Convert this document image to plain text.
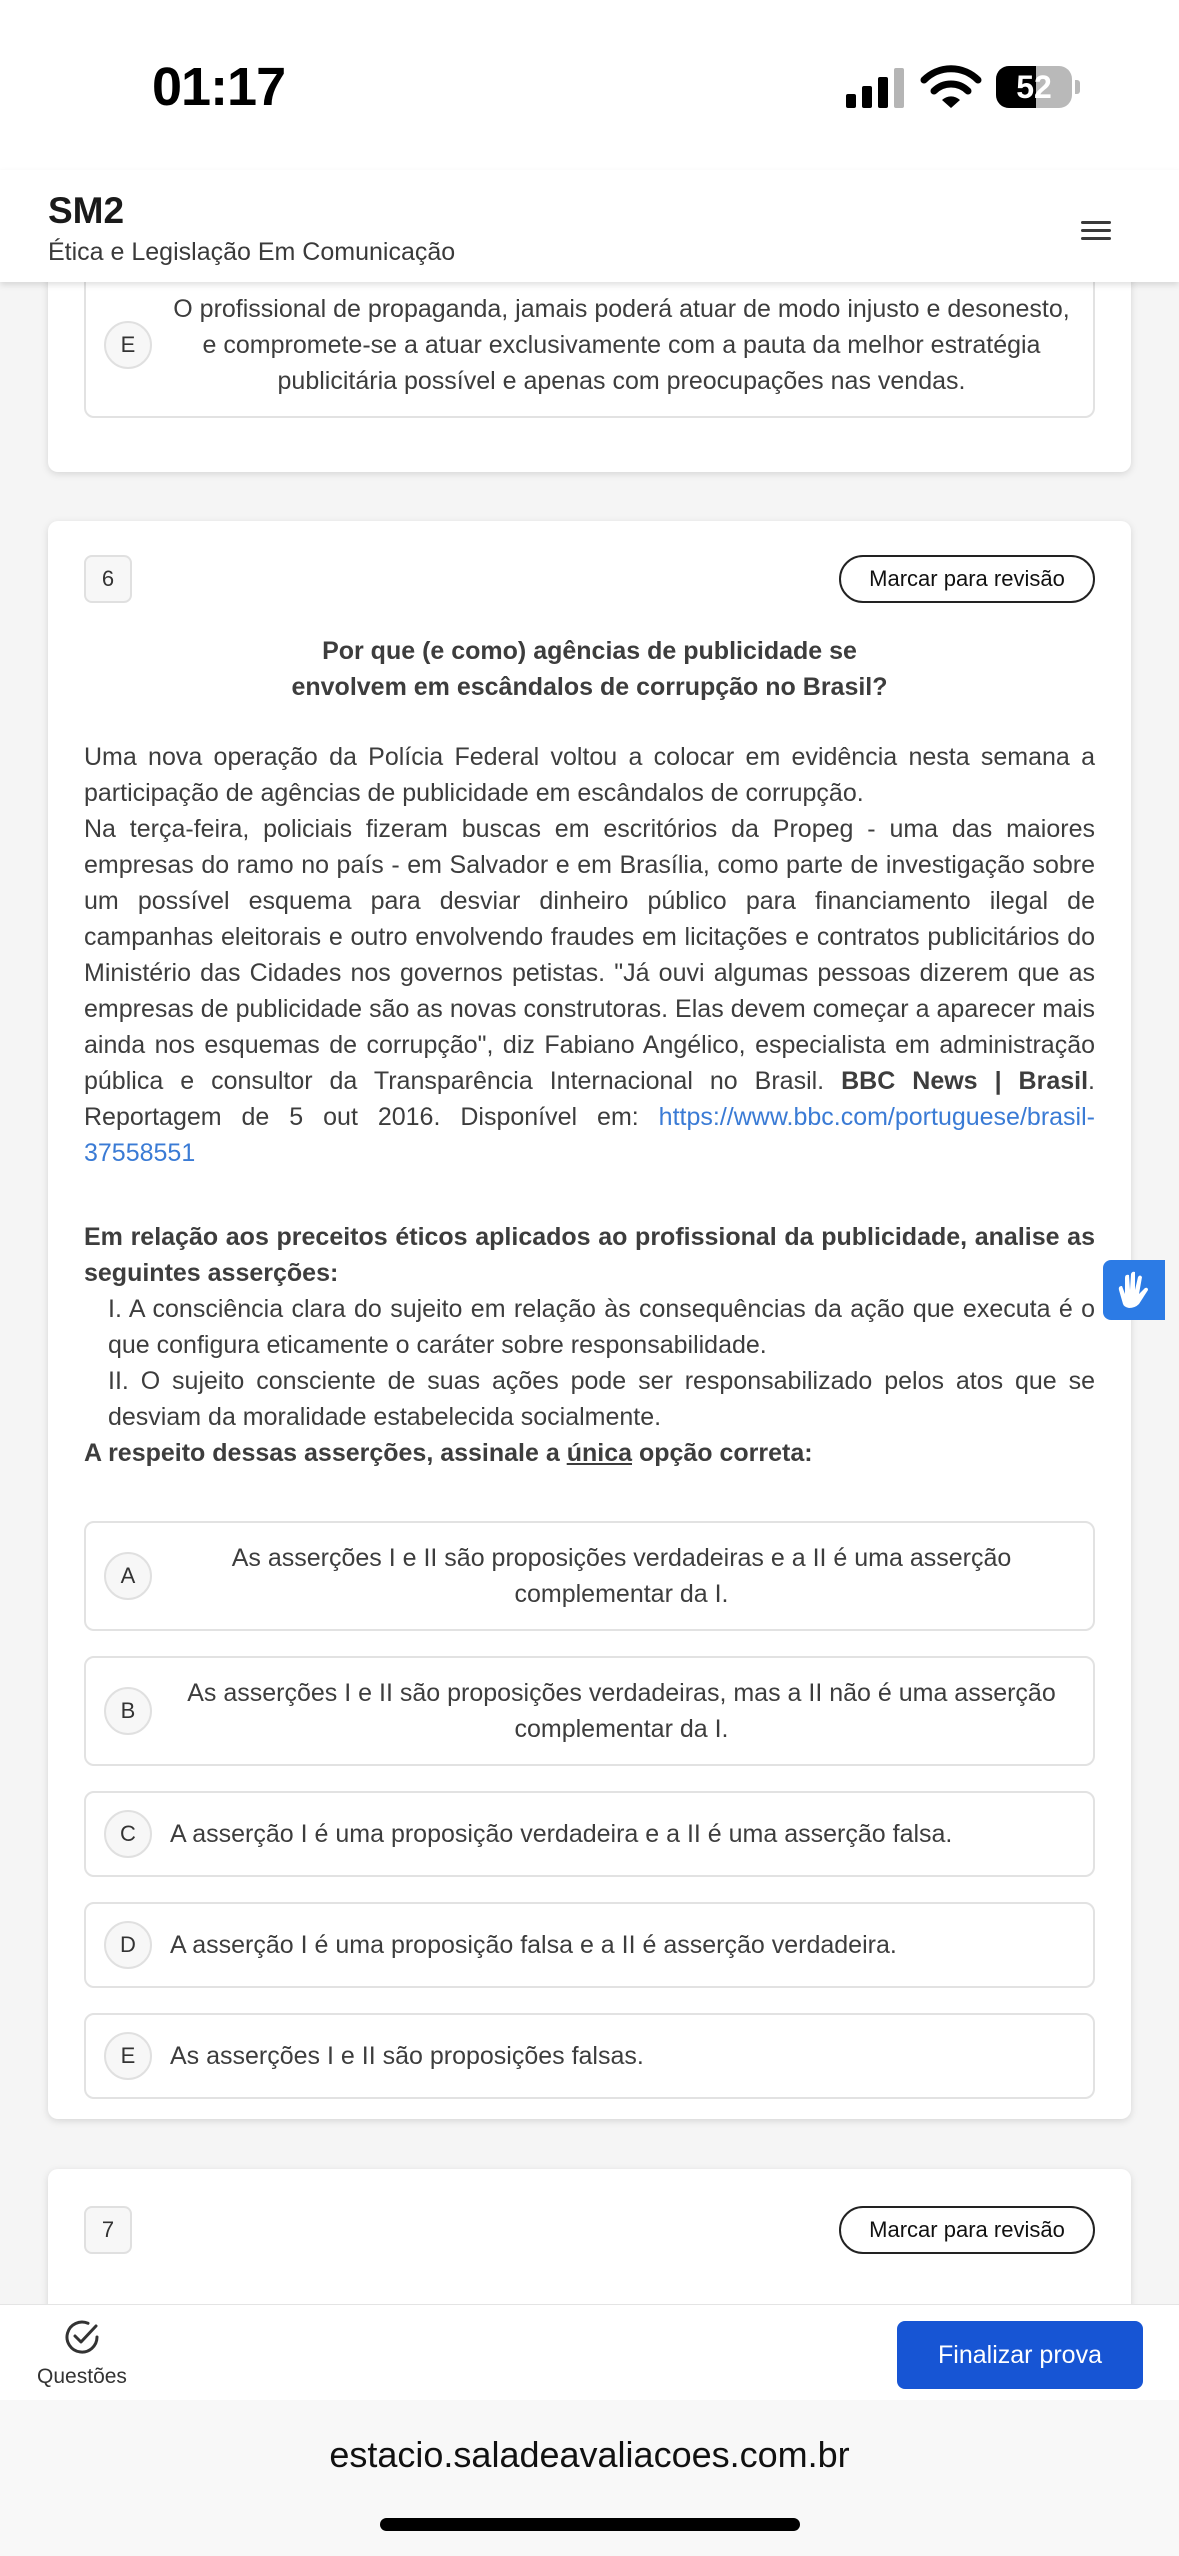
01:17	52
SM2
Ética e Legislação Em Comunicação
E
O profissional de propaganda, jamais poderá atuar de modo injusto e desonesto, e compromete-se a atuar exclusivamente com a pauta da melhor estratégia publicitária possível e apenas com preocupações nas vendas.
6	Marcar para revisão
Por que (e como) agências de publicidade se
envolvem em escândalos de corrupção no Brasil?

Uma nova operação da Polícia Federal voltou a colocar em evidência nesta semana a participação de agências de publicidade em escândalos de corrupção.

Na terça-feira, policiais fizeram buscas em escritórios da Propeg - uma das maiores empresas do ramo no país - em Salvador e em Brasília, como parte de investigação sobre um possível esquema para desviar dinheiro público para financiamento ilegal de campanhas eleitorais e outro envolvendo fraudes em licitações e contratos publicitários do Ministério das Cidades nos governos petistas. "Já ouvi algumas pessoas dizerem que as empresas de publicidade são as novas construtoras. Elas devem começar a aparecer mais ainda nos esquemas de corrupção", diz Fabiano Angélico, especialista em administração pública e consultor da Transparência Internacional no Brasil. BBC News | Brasil. Reportagem de 5 out 2016. Disponível em: https://www.bbc.com/portuguese/brasil-37558551

Em relação aos preceitos éticos aplicados ao profissional da publicidade, analise as seguintes asserções:

I. A consciência clara do sujeito em relação às consequências da ação que executa é o que configura eticamente o caráter sobre responsabilidade.

II. O sujeito consciente de suas ações pode ser responsabilizado pelos atos que se desviam da moralidade estabelecida socialmente.

A respeito dessas asserções, assinale a única opção correta:

A
As asserções I e II são proposições verdadeiras e a II é uma asserção complementar da I.
B
As asserções I e II são proposições verdadeiras, mas a II não é uma asserção complementar da I.
C	A asserção I é uma proposição verdadeira e a II é uma asserção falsa.
D	A asserção I é uma proposição falsa e a II é asserção verdadeira.
E	As asserções I e II são proposições falsas.
7	Marcar para revisão
Questões
Finalizar prova
estacio.saladeavaliacoes.com.br
